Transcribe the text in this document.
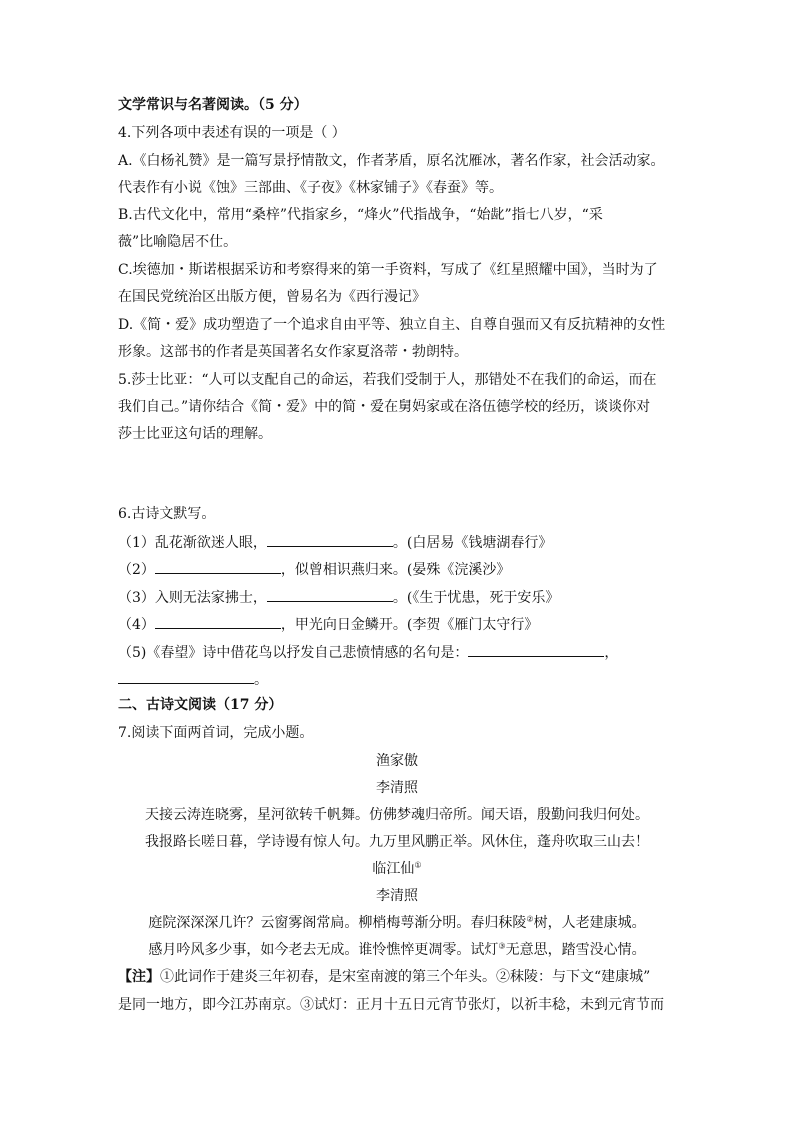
文学常识与名著阅读。（5 分）
4.下列各项中表述有误的一项是（ ）
A.《白杨礼赞》是一篇写景抒情散文，作者茅盾，原名沈雁冰，著名作家，社会活动家。
代表作有小说《蚀》三部曲、《子夜》《林家铺子》《春蚕》等。
B.古代文化中，常用“桑梓”代指家乡，“烽火”代指战争，“始龀”指七八岁，“采
薇”比喻隐居不仕。
C.埃德加・斯诺根据采访和考察得来的第一手资料，写成了《红星照耀中国》，当时为了
在国民党统治区出版方便，曾易名为《西行漫记》
D.《简・爱》成功塑造了一个追求自由平等、独立自主、自尊自强而又有反抗精神的女性
形象。这部书的作者是英国著名女作家夏洛蒂・勃朗特。
5.莎士比亚：“人可以支配自己的命运，若我们受制于人，那错处不在我们的命运，而在
我们自己。”请你结合《简・爱》中的简・爱在舅妈家或在洛伍德学校的经历，谈谈你对
莎士比亚这句话的理解。
6.古诗文默写。
（1）乱花渐欲迷人眼，	。(白居易《钱塘湖春行》
（2）	，似曾相识燕归来。(晏殊《浣溪沙》
（3）入则无法家拂士，	。(《生于忧患，死于安乐》
（4）	，甲光向日金鳞开。(李贺《雁门太守行》
（5)《春望》诗中借花鸟以抒发自己悲愤情感的名句是：	，
。
二、古诗文阅读（17 分）
7.阅读下面两首词，完成小题。
渔家傲
李清照
天接云涛连晓雾，星河欲转千帆舞。仿佛梦魂归帝所。闻天语，殷勤问我归何处。
我报路长嗟日暮，学诗谩有惊人句。九万里风鹏正举。风休住，蓬舟吹取三山去！
临江仙①
李清照
庭院深深深几许？云窗雾阁常扃。柳梢梅萼渐分明。春归秣陵②树，人老建康城。
感月吟风多少事，如今老去无成。谁怜憔悴更凋零。试灯③无意思，踏雪没心情。
【注】①此词作于建炎三年初春，是宋室南渡的第三个年头。②秣陵：与下文“建康城”
是同一地方，即今江苏南京。③试灯：正月十五日元宵节张灯，以祈丰稔，未到元宵节而
